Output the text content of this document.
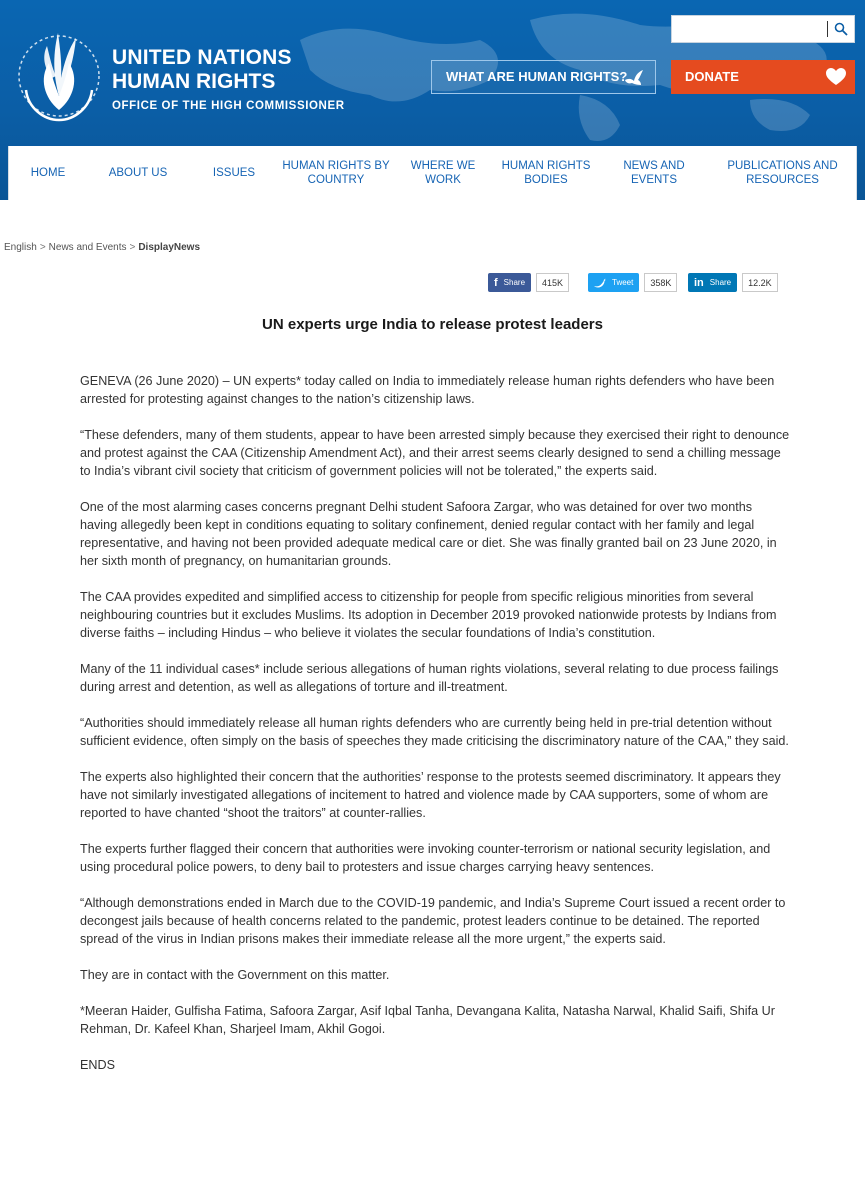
UNITED NATIONS
HUMAN RIGHTS
OFFICE OF THE HIGH COMMISSIONER
WHAT ARE HUMAN RIGHTS?	DONATE
HOME	ABOUT US	ISSUES
HUMAN RIGHTS BY COUNTRY
WHERE WE WORK
HUMAN RIGHTS BODIES
NEWS AND EVENTS
PUBLICATIONS AND RESOURCES
English > News and Events > DisplayNews
f Share	415K	Tweet	358K	in Share	12.2K
UN experts urge India to release protest leaders

GENEVA (26 June 2020) – UN experts* today called on India to immediately release human rights defenders who have been arrested for protesting against changes to the nation’s citizenship laws.

“These defenders, many of them students, appear to have been arrested simply because they exercised their right to denounce and protest against the CAA (Citizenship Amendment Act), and their arrest seems clearly designed to send a chilling message to India’s vibrant civil society that criticism of government policies will not be tolerated,” the experts said.

One of the most alarming cases concerns pregnant Delhi student Safoora Zargar, who was detained for over two months having allegedly been kept in conditions equating to solitary confinement, denied regular contact with her family and legal representative, and having not been provided adequate medical care or diet. She was finally granted bail on 23 June 2020, in her sixth month of pregnancy, on humanitarian grounds.

The CAA provides expedited and simplified access to citizenship for people from specific religious minorities from several neighbouring countries but it excludes Muslims. Its adoption in December 2019 provoked nationwide protests by Indians from diverse faiths – including Hindus – who believe it violates the secular foundations of India’s constitution.

Many of the 11 individual cases* include serious allegations of human rights violations, several relating to due process failings during arrest and detention, as well as allegations of torture and ill-treatment.

“Authorities should immediately release all human rights defenders who are currently being held in pre-trial detention without sufficient evidence, often simply on the basis of speeches they made criticising the discriminatory nature of the CAA,” they said.

The experts also highlighted their concern that the authorities’ response to the protests seemed discriminatory. It appears they have not similarly investigated allegations of incitement to hatred and violence made by CAA supporters, some of whom are reported to have chanted “shoot the traitors” at counter-rallies.

The experts further flagged their concern that authorities were invoking counter-terrorism or national security legislation, and using procedural police powers, to deny bail to protesters and issue charges carrying heavy sentences.

“Although demonstrations ended in March due to the COVID-19 pandemic, and India’s Supreme Court issued a recent order to decongest jails because of health concerns related to the pandemic, protest leaders continue to be detained. The reported spread of the virus in Indian prisons makes their immediate release all the more urgent,” the experts said.

They are in contact with the Government on this matter.

*Meeran Haider, Gulfisha Fatima, Safoora Zargar, Asif Iqbal Tanha, Devangana Kalita, Natasha Narwal, Khalid Saifi, Shifa Ur Rehman, Dr. Kafeel Khan, Sharjeel Imam, Akhil Gogoi.

ENDS
